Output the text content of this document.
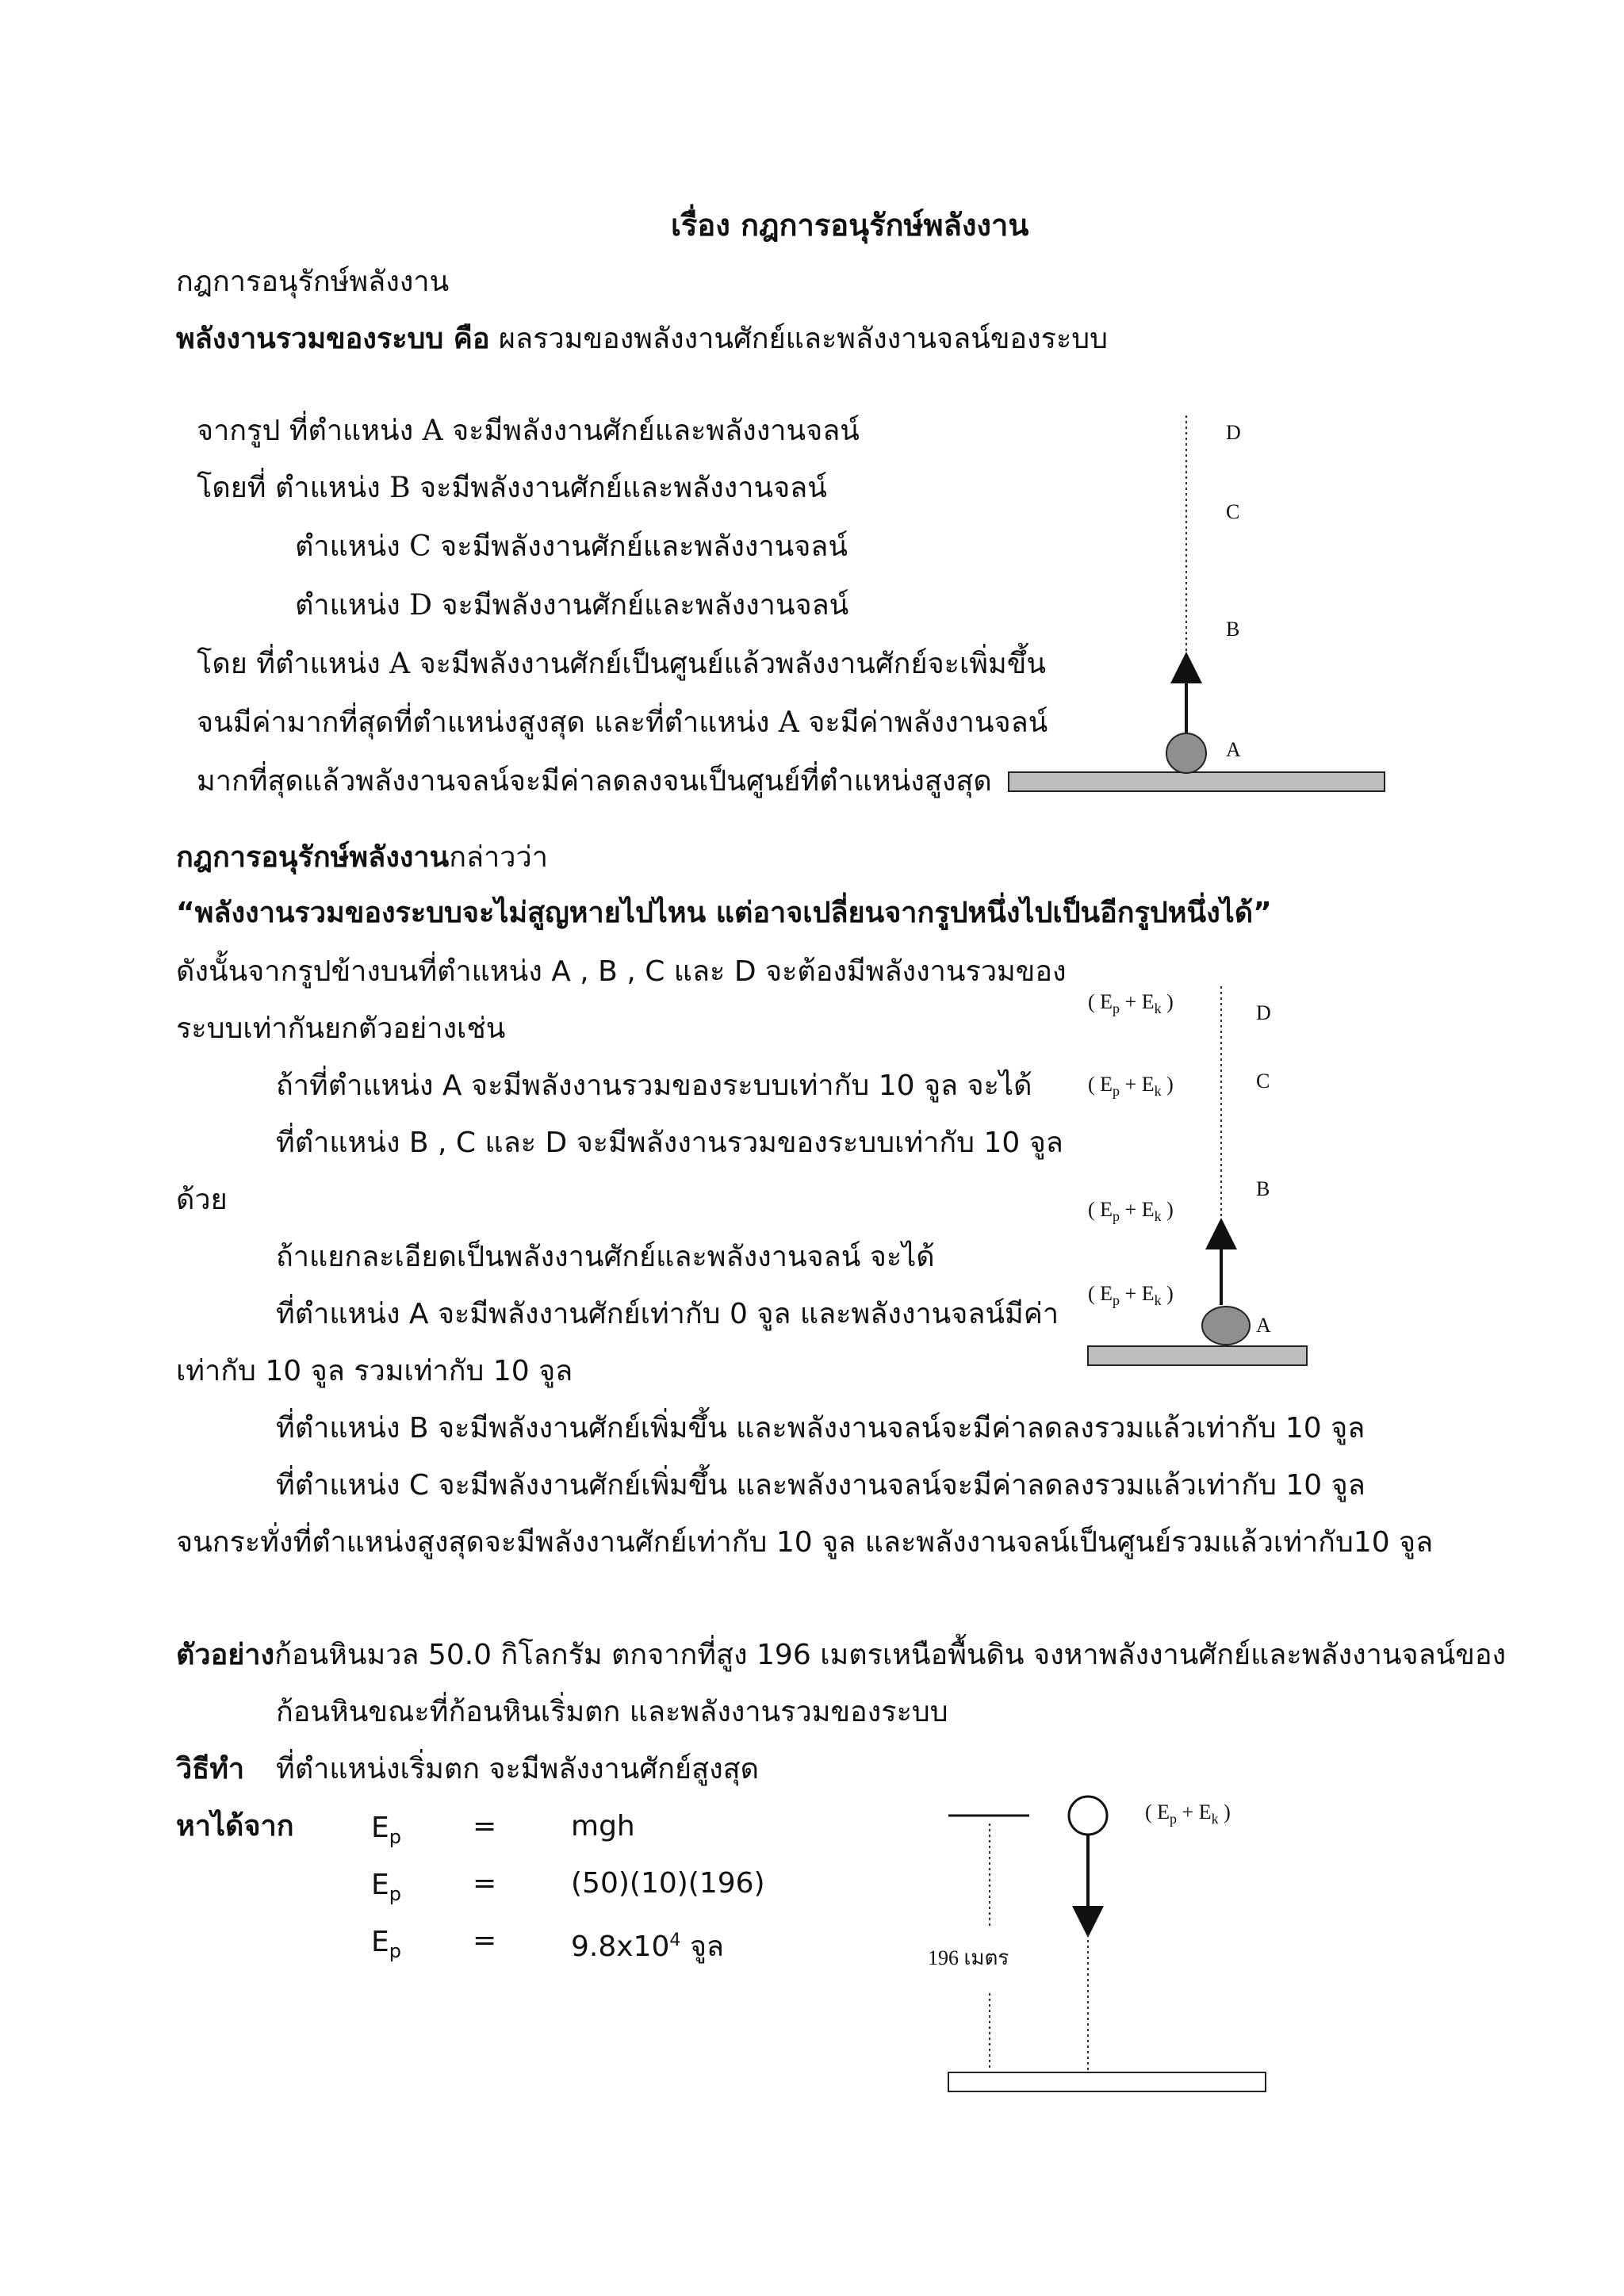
เรื่อง กฎการอนุรักษ์พลังงาน
กฎการอนุรักษ์พลังงาน
พลังงานรวมของระบบ คือ ผลรวมของพลังงานศักย์และพลังงานจลน์ของระบบ
จากรูป ที่ตำแหน่ง A จะมีพลังงานศักย์และพลังงานจลน์
โดยที่ ตำแหน่ง B จะมีพลังงานศักย์และพลังงานจลน์
ตำแหน่ง C จะมีพลังงานศักย์และพลังงานจลน์
ตำแหน่ง D จะมีพลังงานศักย์และพลังงานจลน์
โดย ที่ตำแหน่ง A จะมีพลังงานศักย์เป็นศูนย์แล้วพลังงานศักย์จะเพิ่มขึ้น
จนมีค่ามากที่สุดที่ตำแหน่งสูงสุด และที่ตำแหน่ง A จะมีค่าพลังงานจลน์
มากที่สุดแล้วพลังงานจลน์จะมีค่าลดลงจนเป็นศูนย์ที่ตำแหน่งสูงสุด
กฎการอนุรักษ์พลังงานกล่าวว่า
“พลังงานรวมของระบบจะไม่สูญหายไปไหน แต่อาจเปลี่ยนจากรูปหนึ่งไปเป็นอีกรูปหนึ่งได้”
ดังนั้นจากรูปข้างบนที่ตำแหน่ง A , B , C และ D จะต้องมีพลังงานรวมของ
ระบบเท่ากันยกตัวอย่างเช่น
ถ้าที่ตำแหน่ง A จะมีพลังงานรวมของระบบเท่ากับ 10 จูล จะได้
ที่ตำแหน่ง B , C และ D จะมีพลังงานรวมของระบบเท่ากับ 10 จูล
ด้วย
ถ้าแยกละเอียดเป็นพลังงานศักย์และพลังงานจลน์ จะได้
ที่ตำแหน่ง A จะมีพลังงานศักย์เท่ากับ 0 จูล และพลังงานจลน์มีค่า
เท่ากับ 10 จูล รวมเท่ากับ 10 จูล
ที่ตำแหน่ง B จะมีพลังงานศักย์เพิ่มขึ้น และพลังงานจลน์จะมีค่าลดลงรวมแล้วเท่ากับ 10 จูล
ที่ตำแหน่ง C จะมีพลังงานศักย์เพิ่มขึ้น และพลังงานจลน์จะมีค่าลดลงรวมแล้วเท่ากับ 10 จูล
จนกระทั่งที่ตำแหน่งสูงสุดจะมีพลังงานศักย์เท่ากับ 10 จูล และพลังงานจลน์เป็นศูนย์รวมแล้วเท่ากับ10 จูล
ตัวอย่างก้อนหินมวล 50.0 กิโลกรัม ตกจากที่สูง 196 เมตรเหนือพื้นดิน จงหาพลังงานศักย์และพลังงานจลน์ของ
ก้อนหินขณะที่ก้อนหินเริ่มตก และพลังงานรวมของระบบ
วิธีทำ ที่ตำแหน่งเริ่มตก จะมีพลังงานศักย์สูงสุด
หาได้จาก	$E_p$	=	mgh
$E_p$	=	(50)(10)(196)
$E_p$	=	$9.8x10^4$ จูล
D
C
B
A
D
C
B
A
( $E_p + E_k$ )
( $E_p + E_k$ )
( $E_p + E_k$ )
( $E_p + E_k$ )
196 เมตร
( $E_p + E_k$ )
